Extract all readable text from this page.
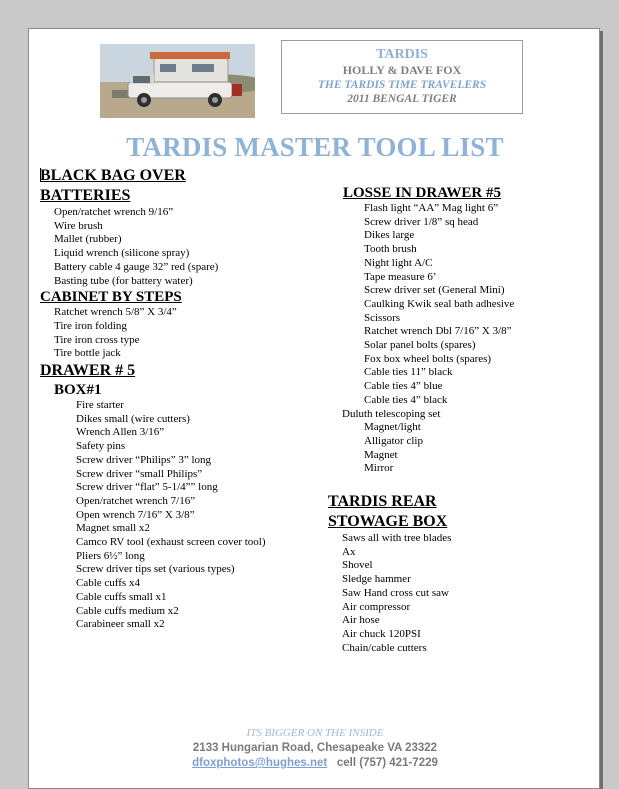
TARDIS
HOLLY & DAVE FOX
THE TARDIS TIME TRAVELERS
2011 BENGAL TIGER
TARDIS MASTER TOOL LIST
BLACK BAG OVER
BATTERIES
Open/ratchet wrench 9/16”
Wire brush
Mallet (rubber)
Liquid wrench (silicone spray)
Battery cable 4 gauge 32” red (spare)
Basting tube (for battery water)
CABINET BY STEPS
Ratchet wrench 5/8” X 3/4”
Tire iron folding
Tire iron cross type
Tire bottle jack
DRAWER # 5
BOX#1
Fire starter
Dikes small (wire cutters)
Wrench Allen 3/16”
Safety pins
Screw driver “Philips” 3” long
Screw driver “small Philips”
Screw driver “flat” 5-1/4”” long
Open/ratchet wrench 7/16”
Open wrench 7/16” X 3/8”
Magnet small x2
Camco RV tool (exhaust screen cover tool)
Pliers 6½” long
Screw driver tips set (various types)
Cable cuffs x4
Cable cuffs small x1
Cable cuffs medium x2
Carabineer small x2
LOSSE IN DRAWER #5
Flash light “AA” Mag light 6”
Screw driver 1/8” sq head
Dikes large
Tooth brush
Night light A/C
Tape measure 6’
Screw driver set (General Mini)
Caulking Kwik seal bath adhesive
Scissors
Ratchet wrench Dbl 7/16” X 3/8”
Solar panel bolts (spares)
Fox box wheel bolts (spares)
Cable ties 11” black
Cable ties 4” blue
Cable ties 4” black
Duluth telescoping set
Magnet/light
Alligator clip
Magnet
Mirror
TARDIS REAR
STOWAGE BOX
Saws all with tree blades
Ax
Shovel
Sledge hammer
Saw Hand cross cut saw
Air compressor
Air hose
Air chuck 120PSI
Chain/cable cutters
ITS BIGGER ON THE INSIDE
2133 Hungarian Road, Chesapeake VA 23322
dfoxphotos@hughes.net cell (757) 421-7229
